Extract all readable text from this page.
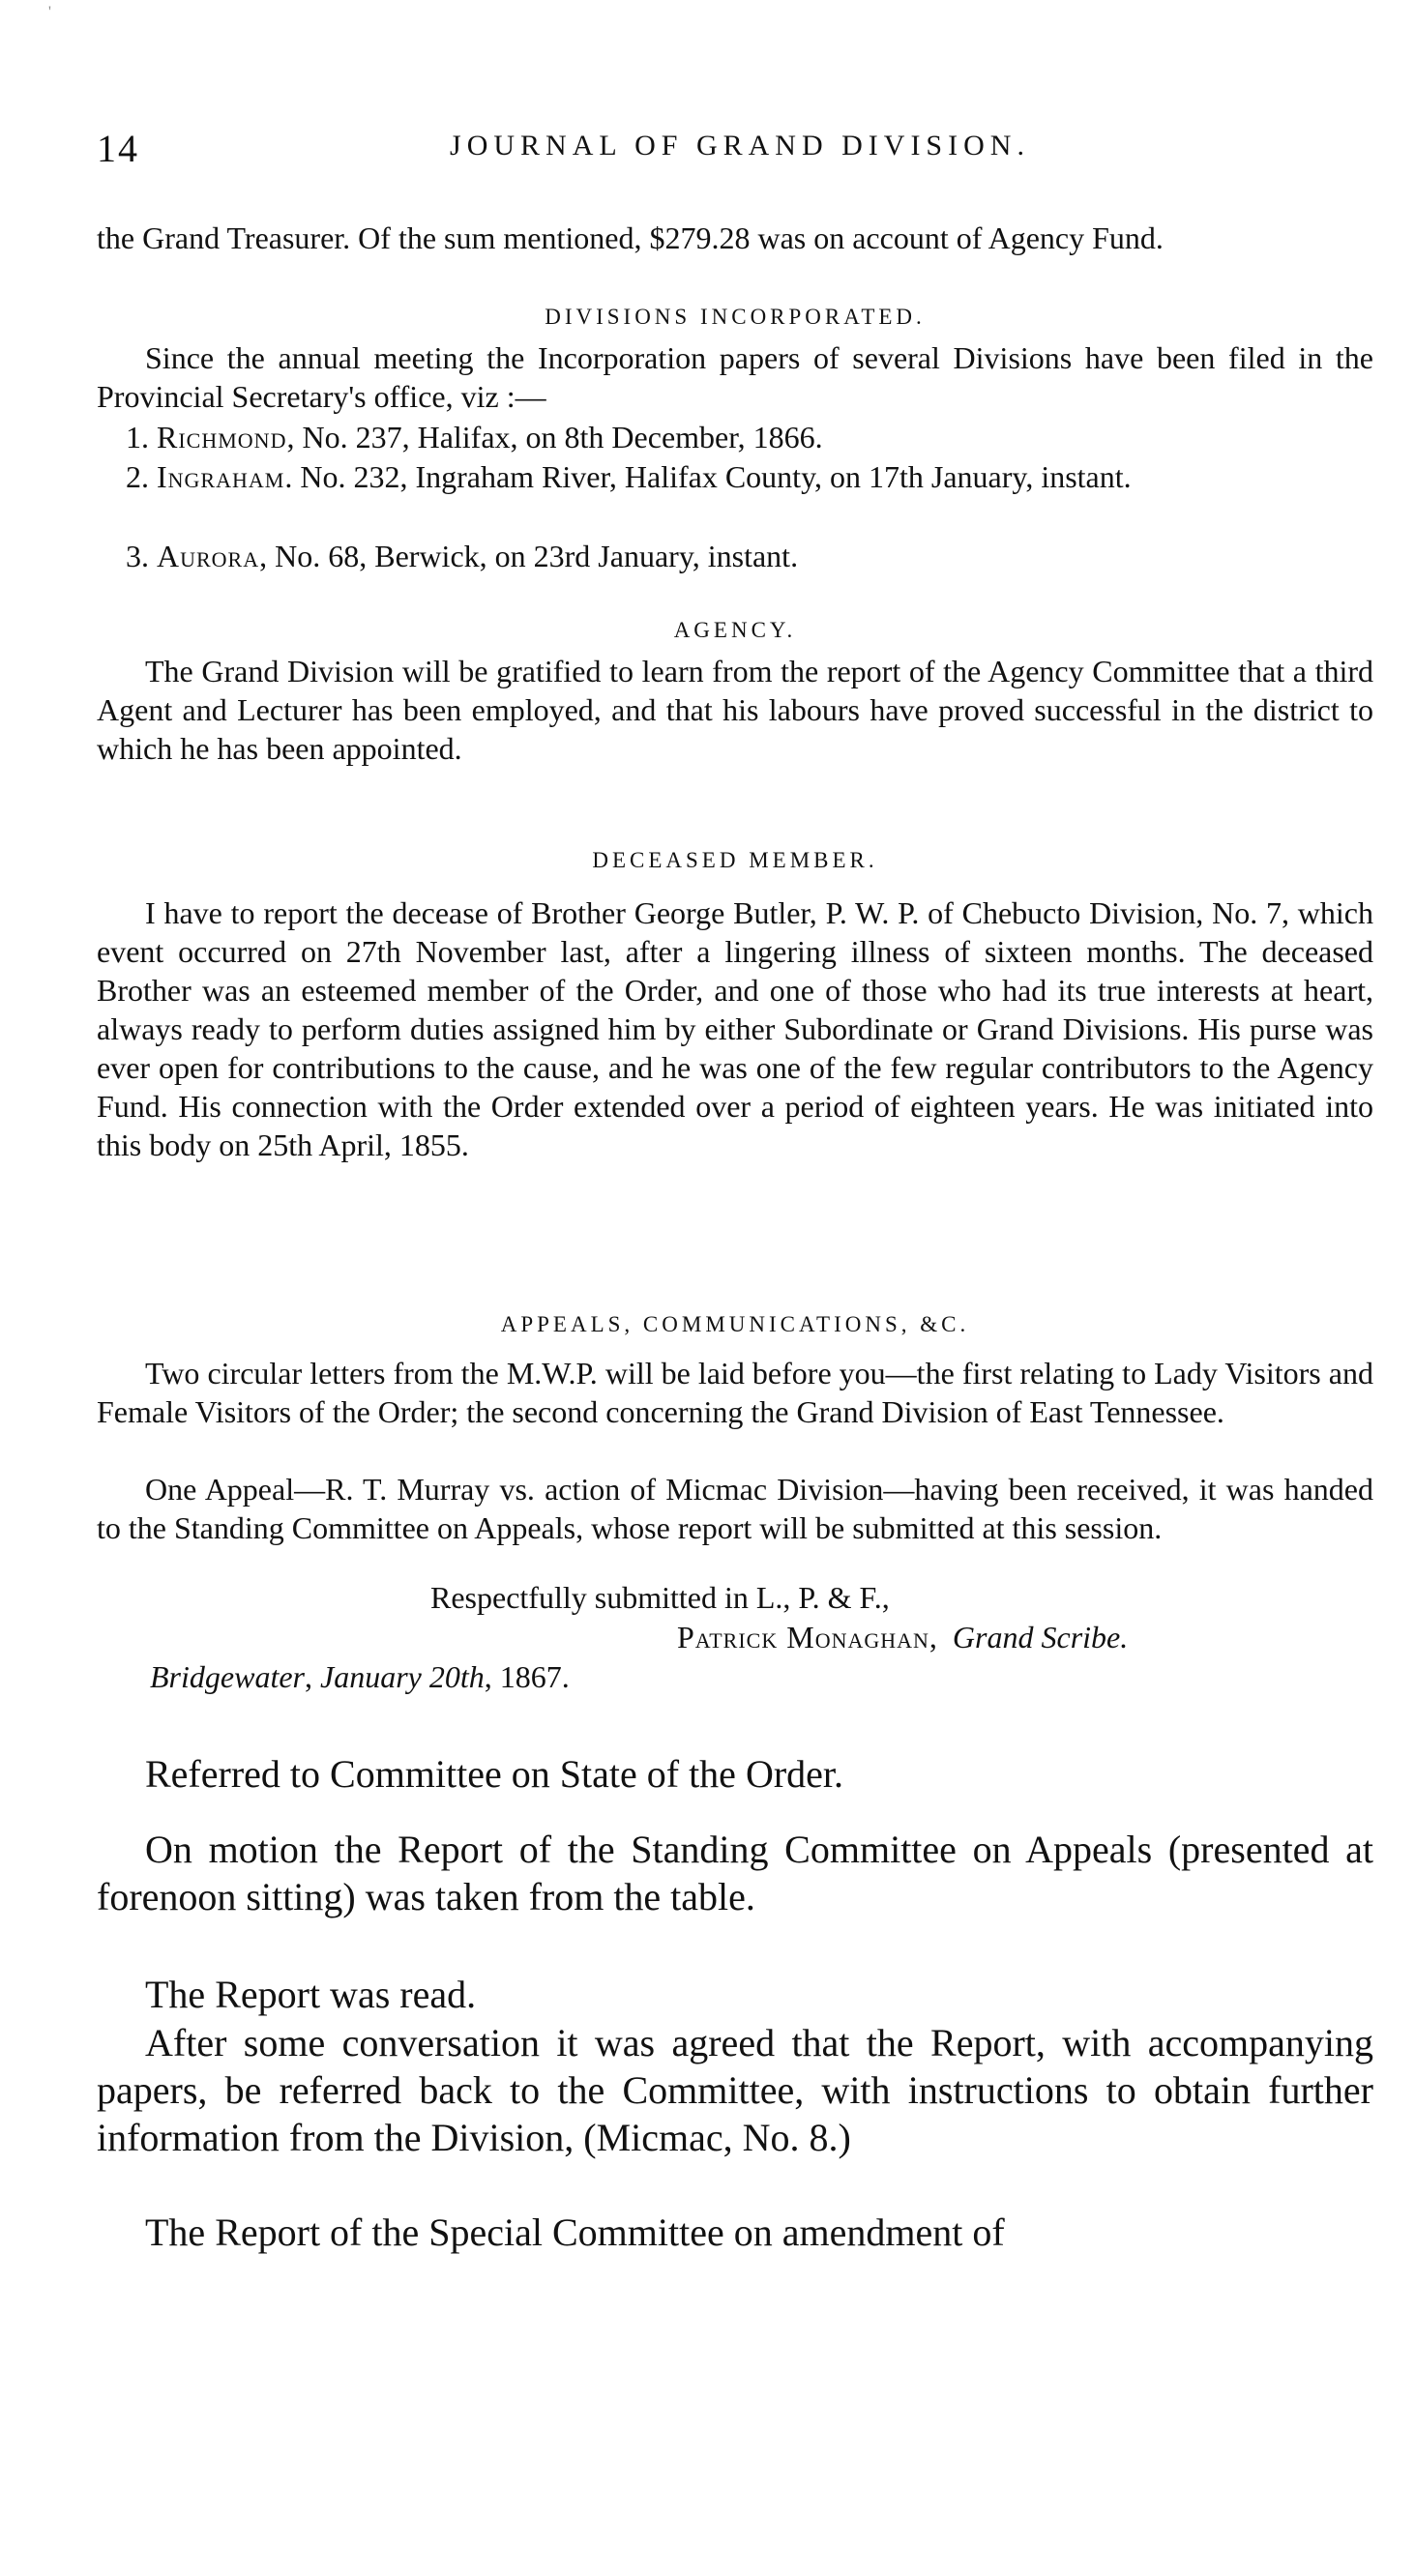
'
14	JOURNAL OF GRAND DIVISION.
the Grand Treasurer. Of the sum mentioned, $279.28 was on account of Agency Fund.
DIVISIONS INCORPORATED.
Since the annual meeting the Incorporation papers of several Divisions have been filed in the Provincial Secretary's office, viz :—
1. Richmond, No. 237, Halifax, on 8th December, 1866.
2. Ingraham. No. 232, Ingraham River, Halifax County, on 17th January, instant.
3. Aurora, No. 68, Berwick, on 23rd January, instant.
AGENCY.
The Grand Division will be gratified to learn from the report of the Agency Committee that a third Agent and Lecturer has been employed, and that his labours have proved successful in the district to which he has been appointed.
DECEASED MEMBER.
I have to report the decease of Brother George Butler, P. W. P. of Chebucto Division, No. 7, which event occurred on 27th November last, after a lingering illness of sixteen months. The deceased Brother was an esteemed member of the Order, and one of those who had its true interests at heart, always ready to perform duties assigned him by either Subordinate or Grand Divisions. His purse was ever open for contributions to the cause, and he was one of the few regular contributors to the Agency Fund. His connection with the Order extended over a period of eighteen years. He was initiated into this body on 25th April, 1855.
APPEALS, COMMUNICATIONS, &C.
Two circular letters from the M.W.P. will be laid before you—the first relating to Lady Visitors and Female Visitors of the Order; the second concerning the Grand Division of East Tennessee.
One Appeal—R. T. Murray vs. action of Micmac Division—having been received, it was handed to the Standing Committee on Appeals, whose report will be submitted at this session.
Respectfully submitted in L., P. & F.,
Patrick Monaghan,  Grand Scribe.
Bridgewater, January 20th, 1867.
Referred to Committee on State of the Order.
On motion the Report of the Standing Committee on Appeals (presented at forenoon sitting) was taken from the table.
The Report was read.
After some conversation it was agreed that the Report, with accompanying papers, be referred back to the Committee, with instructions to obtain further information from the Division, (Micmac, No. 8.)
The Report of the Special Committee on amendment of
